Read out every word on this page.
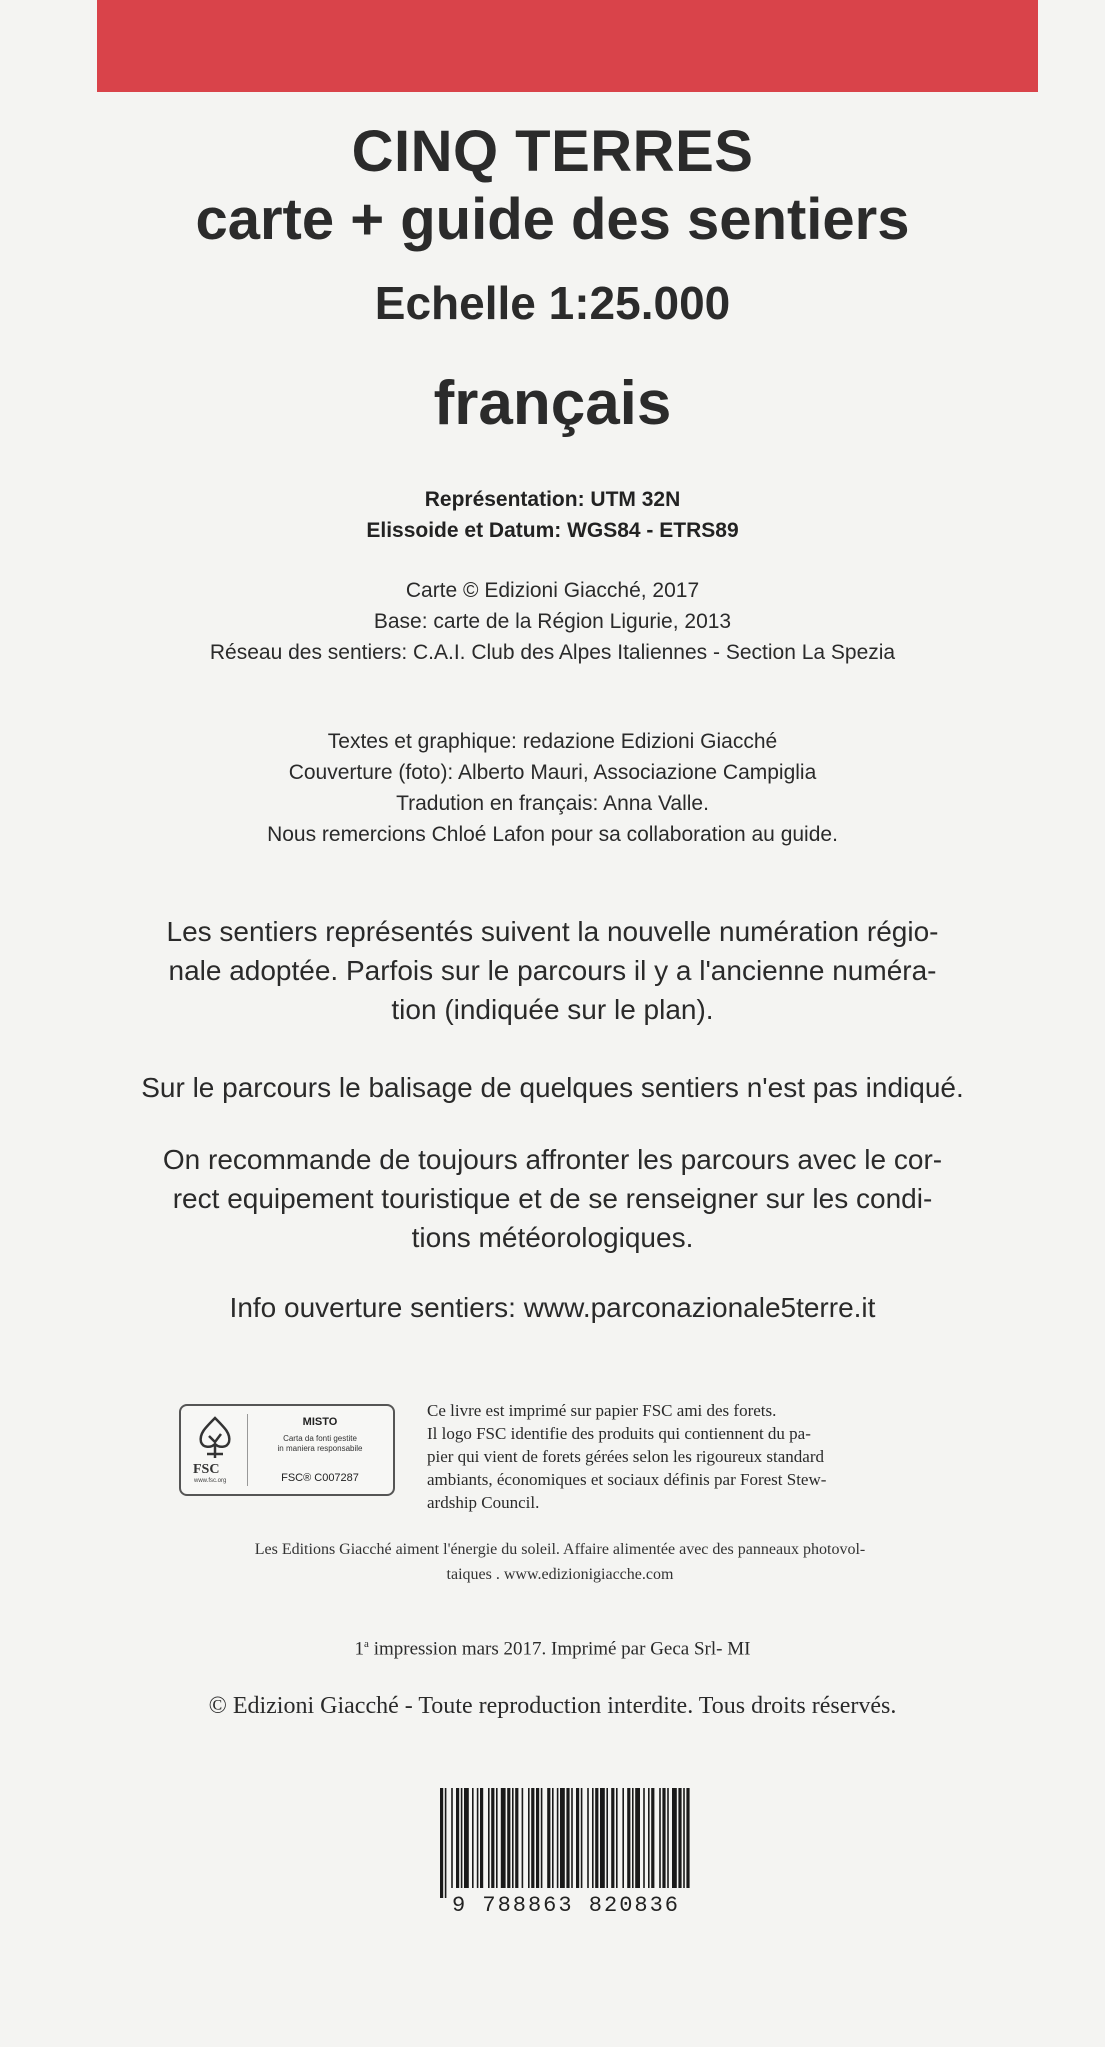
CINQ TERRES
carte + guide des sentiers
Echelle 1:25.000
français
Représentation: UTM 32N
Elissoide et Datum: WGS84 - ETRS89
Carte © Edizioni Giacché, 2017
Base: carte de la Région Ligurie, 2013
Réseau des sentiers: C.A.I. Club des Alpes Italiennes - Section La Spezia
Textes et graphique: redazione Edizioni Giacché
Couverture (foto): Alberto Mauri, Associazione Campiglia
Tradution en français: Anna Valle.
Nous remercions Chloé Lafon pour sa collaboration au guide.
Les sentiers représentés suivent la nouvelle numération régio-
nale adoptée. Parfois sur le parcours il y a l'ancienne numéra-
tion (indiquée sur le plan).
Sur le parcours le balisage de quelques sentiers n'est pas indiqué.
On recommande de toujours affronter les parcours avec le cor-
rect equipement touristique et de se renseigner sur les condi-
tions météorologiques.
Info ouverture sentiers: www.parconazionale5terre.it
FSC
www.fsc.org
MISTO
Carta da fonti gestite
in maniera responsabile
FSC® C007287
Ce livre est imprimé sur papier FSC ami des forets.
Il logo FSC identifie des produits qui contiennent du pa-
pier qui vient de forets gérées selon les rigoureux standard
ambiants, économiques et sociaux définis par Forest Stew-
ardship Council.
Les Editions Giacché aiment l'énergie du soleil. Affaire alimentée avec des panneaux photovol-
taiques . www.edizionigiacche.com
1$^a$ impression mars 2017. Imprimé par Geca Srl- MI
© Edizioni Giacché - Toute reproduction interdite. Tous droits réservés.
9 788863 820836
